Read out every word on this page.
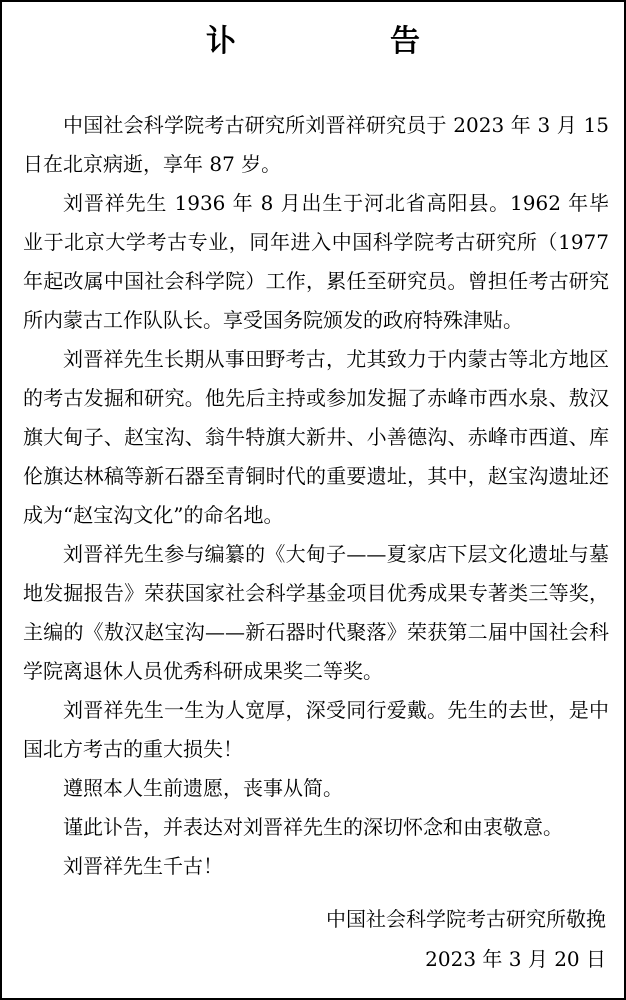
讣　告

中国社会科学院考古研究所刘晋祥研究员于 2023 年 3 月 15 日在北京病逝，享年 87 岁。

刘晋祥先生 1936 年 8 月出生于河北省高阳县。1962 年毕业于北京大学考古专业，同年进入中国科学院考古研究所（1977 年起改属中国社会科学院）工作，累任至研究员。曾担任考古研究所内蒙古工作队队长。享受国务院颁发的政府特殊津贴。

刘晋祥先生长期从事田野考古，尤其致力于内蒙古等北方地区的考古发掘和研究。他先后主持或参加发掘了赤峰市西水泉、敖汉旗大甸子、赵宝沟、翁牛特旗大新井、小善德沟、赤峰市西道、库伦旗达林稿等新石器至青铜时代的重要遗址，其中，赵宝沟遗址还成为“赵宝沟文化”的命名地。

刘晋祥先生参与编纂的《大甸子——夏家店下层文化遗址与墓地发掘报告》荣获国家社会科学基金项目优秀成果专著类三等奖，主编的《敖汉赵宝沟——新石器时代聚落》荣获第二届中国社会科学院离退休人员优秀科研成果奖二等奖。

刘晋祥先生一生为人宽厚，深受同行爱戴。先生的去世，是中国北方考古的重大损失！

遵照本人生前遗愿，丧事从简。

谨此讣告，并表达对刘晋祥先生的深切怀念和由衷敬意。

刘晋祥先生千古！

中国社会科学院考古研究所敬挽
2023 年 3 月 20 日
